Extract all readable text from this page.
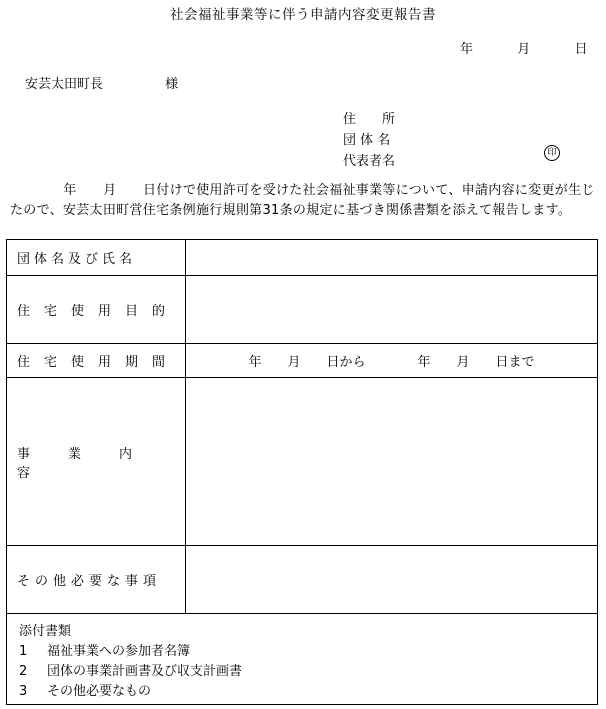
社会福祉事業等に伴う申請内容変更報告書
年	月	日
安芸太田町長	様
住　　所
団 体 名
代表者名
印
　　　　年　　月　　日付けで使用許可を受けた社会福祉事業等について、申請内容に変更が生じたので、安芸太田町営住宅条例施行規則第31条の規定に基づき関係書類を添えて報告します。
団体名及び氏名	
住宅使用目的	
住宅使用期間	年　　月　　日から　　　　年　　月　　日まで
事業内容	
その他必要な事項	
添付書類
1 福祉事業への参加者名簿
2 団体の事業計画書及び収支計画書
3 その他必要なもの
